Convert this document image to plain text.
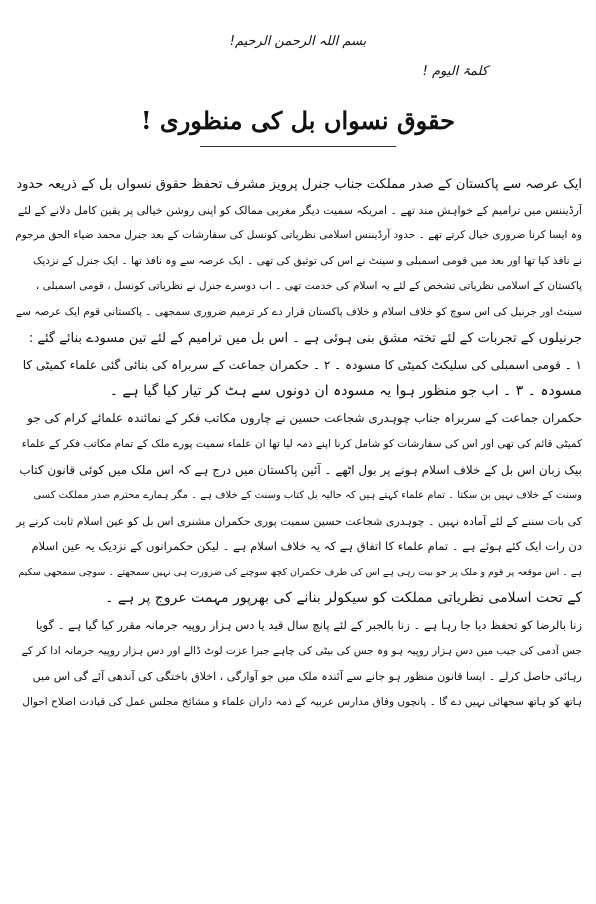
بسم اللہ الرحمن الرحیم!
کلمۃ الیوم !
حقوق نسواں بل کی منظوری !
ایک عرصہ سے پاکستان کے صدر مملکت جناب جنرل پرویز مشرف تحفظ حقوق نسواں بل کے ذریعہ حدود
آرڈیننس میں ترامیم کے خواہش مند تھے ۔ امریکہ سمیت دیگر مغربی ممالک کو اپنی روشن خیالی پر یقین کامل دلانے کے لئے
وہ ایسا کرنا ضروری خیال کرتے تھے ۔ حدود آرڈیننس اسلامی نظریاتی کونسل کی سفارشات کے بعد جنرل محمد ضیاء الحق مرحوم
نے نافذ کیا تھا اور بعد میں قومی اسمبلی و سینٹ نے اس کی توثیق کی تھی ۔ ایک عرصہ سے وہ نافذ تھا ۔ ایک جنرل کے نزدیک
پاکستان کے اسلامی نظریاتی تشخص کے لئے یہ اسلام کی خدمت تھی ۔ اب دوسرے جنرل نے نظریاتی کونسل ، قومی اسمبلی ،
سینٹ اور جرنیل کی اس سوچ کو خلاف اسلام و خلاف پاکستان قرار دے کر ترمیم ضروری سمجھی ۔ پاکستانی قوم ایک عرصہ سے
جرنیلوں کے تجربات کے لئے تختہ مشق بنی ہوئی ہے ۔ اس بل میں ترامیم کے لئے تین مسودے بنائے گئے :
۱ ۔ قومی اسمبلی کی سلیکٹ کمیٹی کا مسودہ ۔ ۲ ۔ حکمران جماعت کے سربراہ کی بنائی گئی علماء کمیٹی کا
مسودہ ۔ ۳ ۔ اب جو منظور ہوا یہ مسودہ ان دونوں سے ہٹ کر تیار کیا گیا ہے ۔
حکمران جماعت کے سربراہ جناب چوہدری شجاعت حسین نے چاروں مکاتب فکر کے نمائندہ علمائے کرام کی جو
کمیٹی قائم کی تھی اور اس کی سفارشات کو شامل کرنا اپنے ذمہ لیا تھا ان علماء سمیت پورے ملک کے تمام مکاتب فکر کے علماء
بیک زبان اس بل کے خلاف اسلام ہونے پر بول اٹھے ۔ آئین پاکستان میں درج ہے کہ اس ملک میں کوئی قانون کتاب
وسنت کے خلاف نہیں بن سکتا ۔ تمام علماء کہتے ہیں کہ حالیہ بل کتاب وسنت کے خلاف ہے ۔ مگر ہمارے محترم صدر مملکت کسی
کی بات سننے کے لئے آمادہ نہیں ۔ چوہدری شجاعت حسین سمیت پوری حکمران مشنری اس بل کو عین اسلام ثابت کرنے پر
دن رات ایک کئے ہوئے ہے ۔ تمام علماء کا اتفاق ہے کہ یہ خلاف اسلام ہے ۔ لیکن حکمرانوں کے نزدیک یہ عین اسلام
ہے ۔ اس موقعہ پر قوم و ملک پر جو بیت رہی ہے اس کی طرف حکمران کچھ سوچنے کی ضرورت ہی نہیں سمجھتے ۔ سوچی سمجھی سکیم
کے تحت اسلامی نظریاتی مملکت کو سیکولر بنانے کی بھرپور مہمت عروج پر ہے ۔
زنا بالرضا کو تحفظ دیا جا رہا ہے ۔ زنا بالجبر کے لئے پانچ سال قید یا دس ہزار روپیہ جرمانہ مقرر کیا گیا ہے ۔ گویا
جس آدمی کی جیب میں دس ہزار روپیہ ہو وہ جس کی بیٹی کی چاہے جبرا عزت لوٹ ڈالے اور دس ہزار روپیہ جرمانہ ادا کر کے
رہائی حاصل کرلے ۔ ایسا قانون منظور ہو جانے سے آئندہ ملک میں جو آوارگی ، اخلاق باختگی کی آندھی آئے گی اس میں
ہاتھ کو ہاتھ سجھائی نہیں دے گا ۔ پانچوں وفاق مدارس عربیہ کے ذمہ داران علماء و مشائخ مجلس عمل کی قیادت اصلاح احوال
